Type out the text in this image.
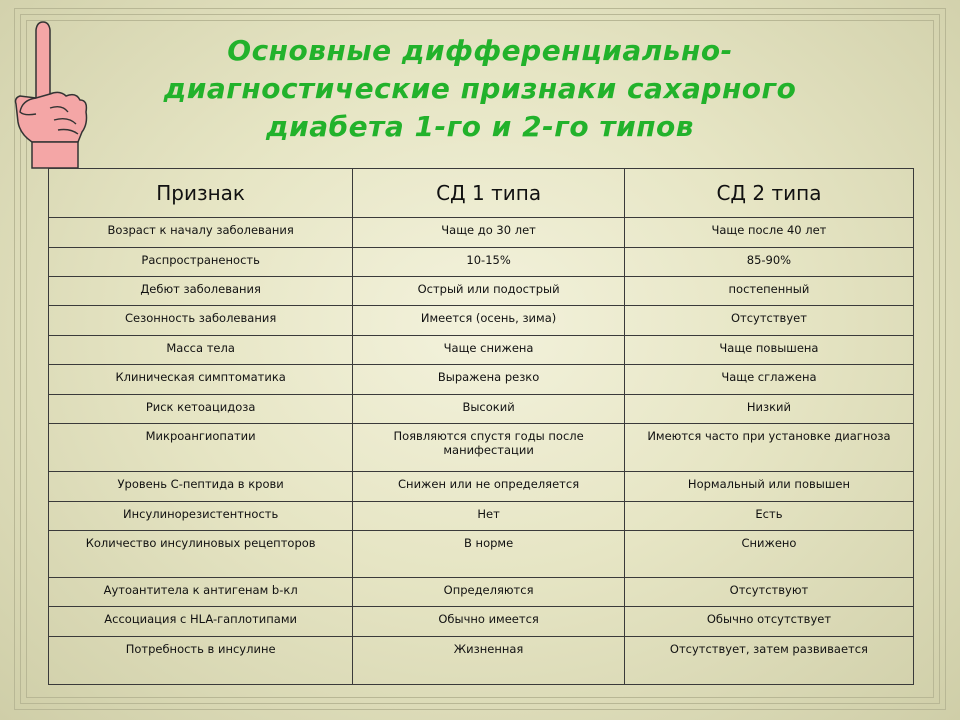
Основные дифференциально-
диагностические признаки сахарного
диабета 1-го и 2-го типов
Признак	СД 1 типа	СД 2 типа
Возраст к началу заболевания	Чаще до 30 лет	Чаще после 40 лет
Распространеность	10-15%	85-90%
Дебют заболевания	Острый или подострый	постепенный
Сезонность заболевания	Имеется (осень, зима)	Отсутствует
Масса тела	Чаще снижена	Чаще повышена
Клиническая симптоматика	Выражена резко	Чаще сглажена
Риск кетоацидоза	Высокий	Низкий
Микроангиопатии	Появляются спустя годы после манифестации	Имеются часто при установке диагноза
Уровень С-пептида в крови	Снижен или не определяется	Нормальный или повышен
Инсулинорезистентность	Нет	Есть
Количество инсулиновых рецепторов	В норме	Снижено
Аутоантитела к антигенам b-кл	Определяются	Отсутствуют
Ассоциация с HLA-гаплотипами	Обычно имеется	Обычно отсутствует
Потребность в инсулине	Жизненная	Отсутствует, затем развивается
